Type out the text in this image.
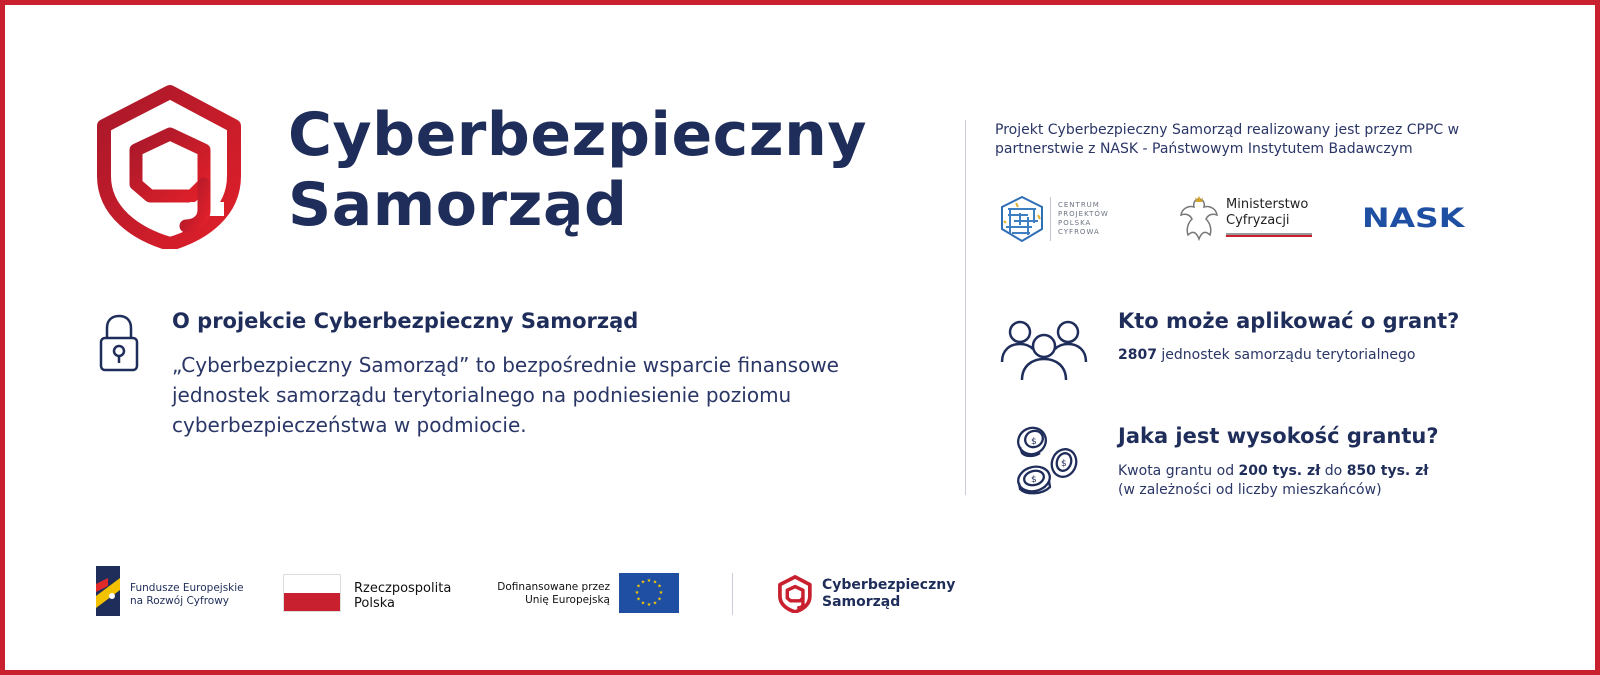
Cyberbezpieczny
Samorząd
Projekt Cyberbezpieczny Samorząd realizowany jest przez CPPC w partnerstwie z NASK - Państwowym Instytutem Badawczym
CENTRUM
PROJEKTÓW
POLSKA
CYFROWA
Ministerstwo
Cyfryzacji	NASK
O projekcie Cyberbezpieczny Samorząd
„Cyberbezpieczny Samorząd” to bezpośrednie wsparcie finansowe jednostek samorządu terytorialnego na podniesienie poziomu cyberbezpieczeństwa w podmiocie.
Kto może aplikować o grant?
2807 jednostek samorządu terytorialnego
$
$
$
Jaka jest wysokość grantu?
Kwota grantu od 200 tys. zł do 850 tys. zł
(w zależności od liczby mieszkańców)
Fundusze Europejskie
na Rozwój Cyfrowy
Rzeczpospolita
Polska
Dofinansowane przez
Unię Europejską
★ ★
★
★
★
★
★
★
★
★
★
★	Cyberbezpieczny
Samorząd
